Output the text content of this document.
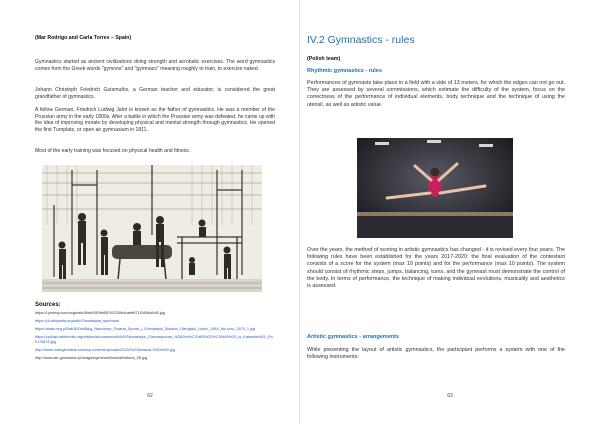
(Mar Rodrigo and Carla Torres – Spain)
Gymnastics started as ancient civilizations doing strength and acrobatic exercises. The word gymnastics comes from the Greek words "gymnos" and "gymnazo" meaning roughly to train, to exercise naked.
Johann Christoph Friedrich Gutsmuths, a German teacher and educator, is considered the great grandfather of gymnastics.
A fellow German, Friedrich Ludwig Jahn is known as the father of gymnastics. He was a member of the Prussian army in the early 1800s. After a battle in which the Prussian army was defeated, he came up with the idea of improving morale by developing physical and mental strength through gymnastics. He opened the first Turnplatz, or open air gymnasium in 1811.
Most of the early training was focused on physical health and fitness.
Sources:
https://i.pinimg.com/originals/3f/e8/5f/3fe85f7b2230b4cafe6f71f2d3f4e6d5.jpg
https://pl.wikipedia.org/wiki/Gimnastyka_sportowa
https://static.nrg.pl/0ab30/0bd5a/g_Narodowy_Gwarta_Sports_i_Gimnastyki_Stadion_Olimpijski_Lipiec_1984_Mo-dow_2679_1.jpg
https://upload.wikimedia.org/wikipedia/commons/b/b5/Gimnastyka_Gimnastyczna_%28Gim%C3%B3%20%C3%A9%20_w_Kalwaria%29_1%E1%87A.jpg
http://www.miesgimnasia.com/wp-content/uploads/2013/04/Gimnasia-1000x500.jpg
http://www.sie-gimnasion.pl/images/general/historia/historia_05.jpg
62
IV.2 Gymnastics - rules
(Polish team)
Rhythmic gymnastics - rules
Performances of gymnasts take place in a field with a side of 13 meters, for which the edges can not go out. They are assessed by several commissions, which estimate the difficulty of the system, focus on the correctness of the performance of individual elements, body technique and the technique of using the utensil, as well as artistic value.
Over the years, the method of scoring in artistic gymnastics has changed - it is revised every four years. The following rules have been established for the years 2017-2020: the final evaluation of the contestant consists of a score for the system (max 10 points) and for the performance (max 10 points). The system should consist of rhythmic steps, jumps, balancing, turns, and the gymnast must demonstrate the control of the body. In terms of performance, the technique of making individual evolutions, musicality and aesthetics is assessed.
Artistic gymnastics - arrangements
While presenting the layout of artistic gymnastics, the participant performs a system with one of the following instruments:
63
